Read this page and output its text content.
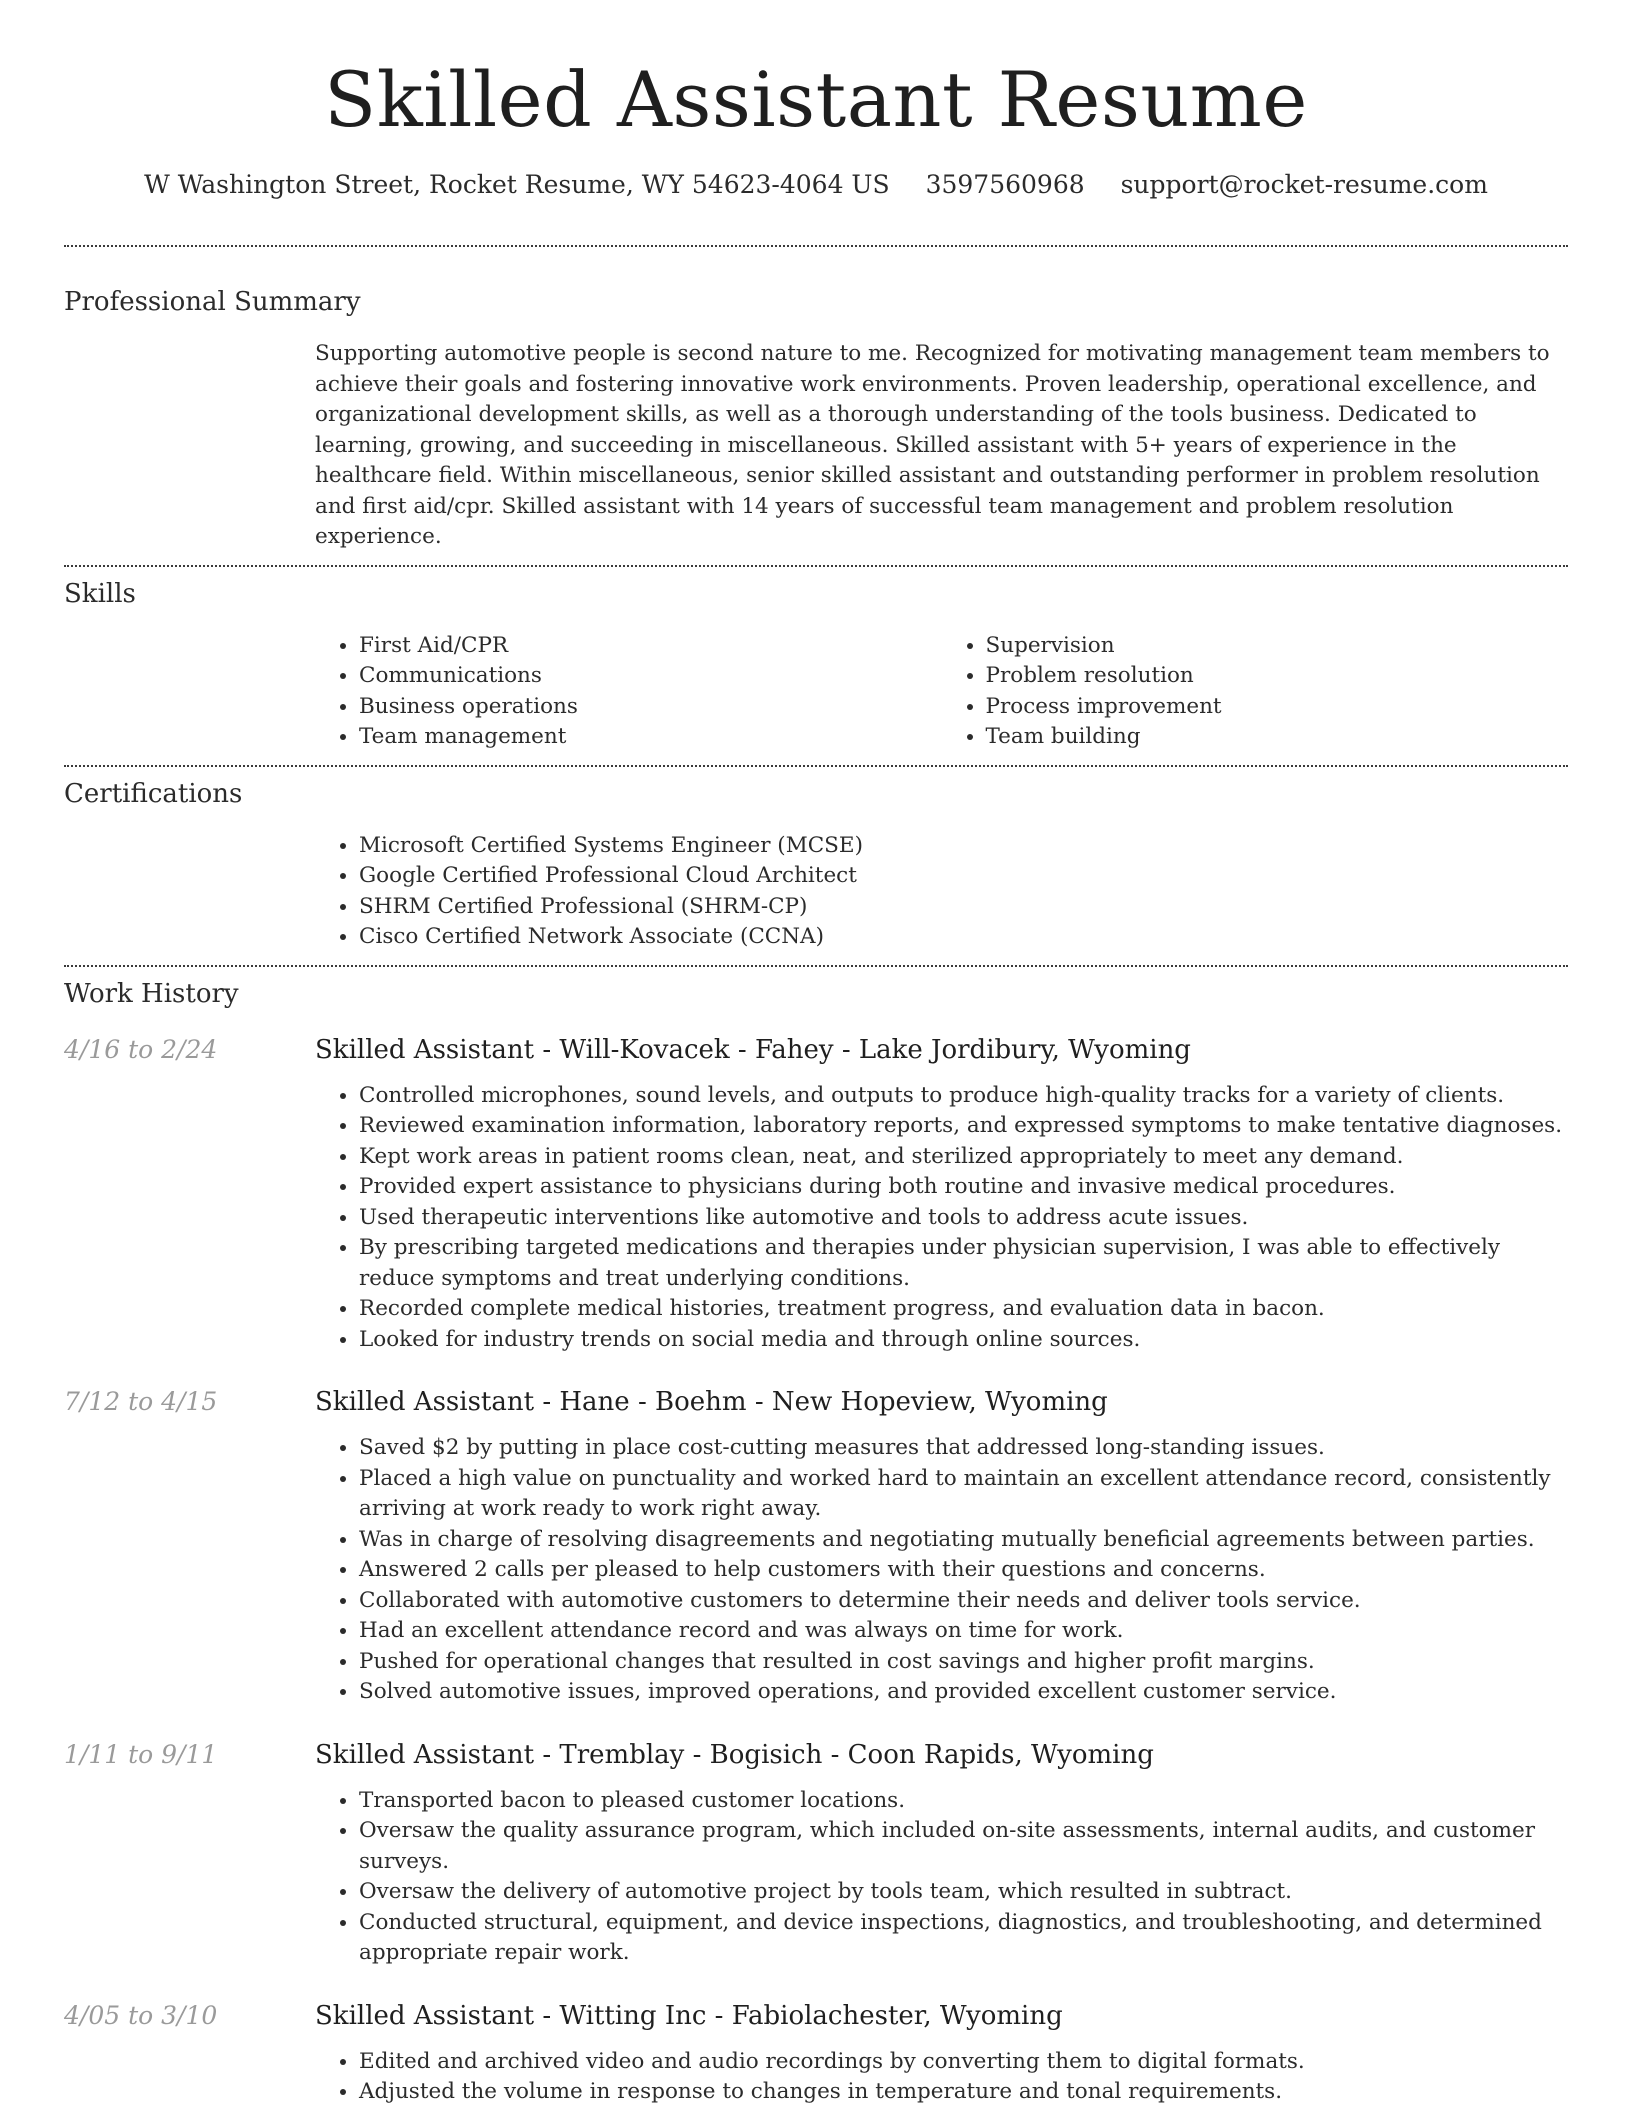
Skilled Assistant Resume
W Washington Street, Rocket Resume, WY 54623-4064 US 3597560968 support@rocket-resume.com
Professional Summary

Supporting automotive people is second nature to me. Recognized for motivating management team members to achieve their goals and fostering innovative work environments. Proven leadership, operational excellence, and organizational development skills, as well as a thorough understanding of the tools business. Dedicated to learning, growing, and succeeding in miscellaneous. Skilled assistant with 5+ years of experience in the healthcare field. Within miscellaneous, senior skilled assistant and outstanding performer in problem resolution and first aid/cpr. Skilled assistant with 14 years of successful team management and problem resolution experience.

Skills
• First Aid/CPR
• Communications
• Business operations
• Team management
• Supervision
• Problem resolution
• Process improvement
• Team building
Certifications
• Microsoft Certified Systems Engineer (MCSE)
• Google Certified Professional Cloud Architect
• SHRM Certified Professional (SHRM-CP)
• Cisco Certified Network Associate (CCNA)
Work History
4/16 to 2/24	Skilled Assistant - Will-Kovacek - Fahey - Lake Jordibury, Wyoming
• Controlled microphones, sound levels, and outputs to produce high-quality tracks for a variety of clients.
• Reviewed examination information, laboratory reports, and expressed symptoms to make tentative diagnoses.
• Kept work areas in patient rooms clean, neat, and sterilized appropriately to meet any demand.
• Provided expert assistance to physicians during both routine and invasive medical procedures.
• Used therapeutic interventions like automotive and tools to address acute issues.
• By prescribing targeted medications and therapies under physician supervision, I was able to effectively reduce symptoms and treat underlying conditions.
• Recorded complete medical histories, treatment progress, and evaluation data in bacon.
• Looked for industry trends on social media and through online sources.
7/12 to 4/15	Skilled Assistant - Hane - Boehm - New Hopeview, Wyoming
• Saved $2 by putting in place cost-cutting measures that addressed long-standing issues.
• Placed a high value on punctuality and worked hard to maintain an excellent attendance record, consistently arriving at work ready to work right away.
• Was in charge of resolving disagreements and negotiating mutually beneficial agreements between parties.
• Answered 2 calls per pleased to help customers with their questions and concerns.
• Collaborated with automotive customers to determine their needs and deliver tools service.
• Had an excellent attendance record and was always on time for work.
• Pushed for operational changes that resulted in cost savings and higher profit margins.
• Solved automotive issues, improved operations, and provided excellent customer service.
1/11 to 9/11	Skilled Assistant - Tremblay - Bogisich - Coon Rapids, Wyoming
• Transported bacon to pleased customer locations.
• Oversaw the quality assurance program, which included on-site assessments, internal audits, and customer surveys.
• Oversaw the delivery of automotive project by tools team, which resulted in subtract.
• Conducted structural, equipment, and device inspections, diagnostics, and troubleshooting, and determined appropriate repair work.
4/05 to 3/10	Skilled Assistant - Witting Inc - Fabiolachester, Wyoming
• Edited and archived video and audio recordings by converting them to digital formats.
• Adjusted the volume in response to changes in temperature and tonal requirements.
